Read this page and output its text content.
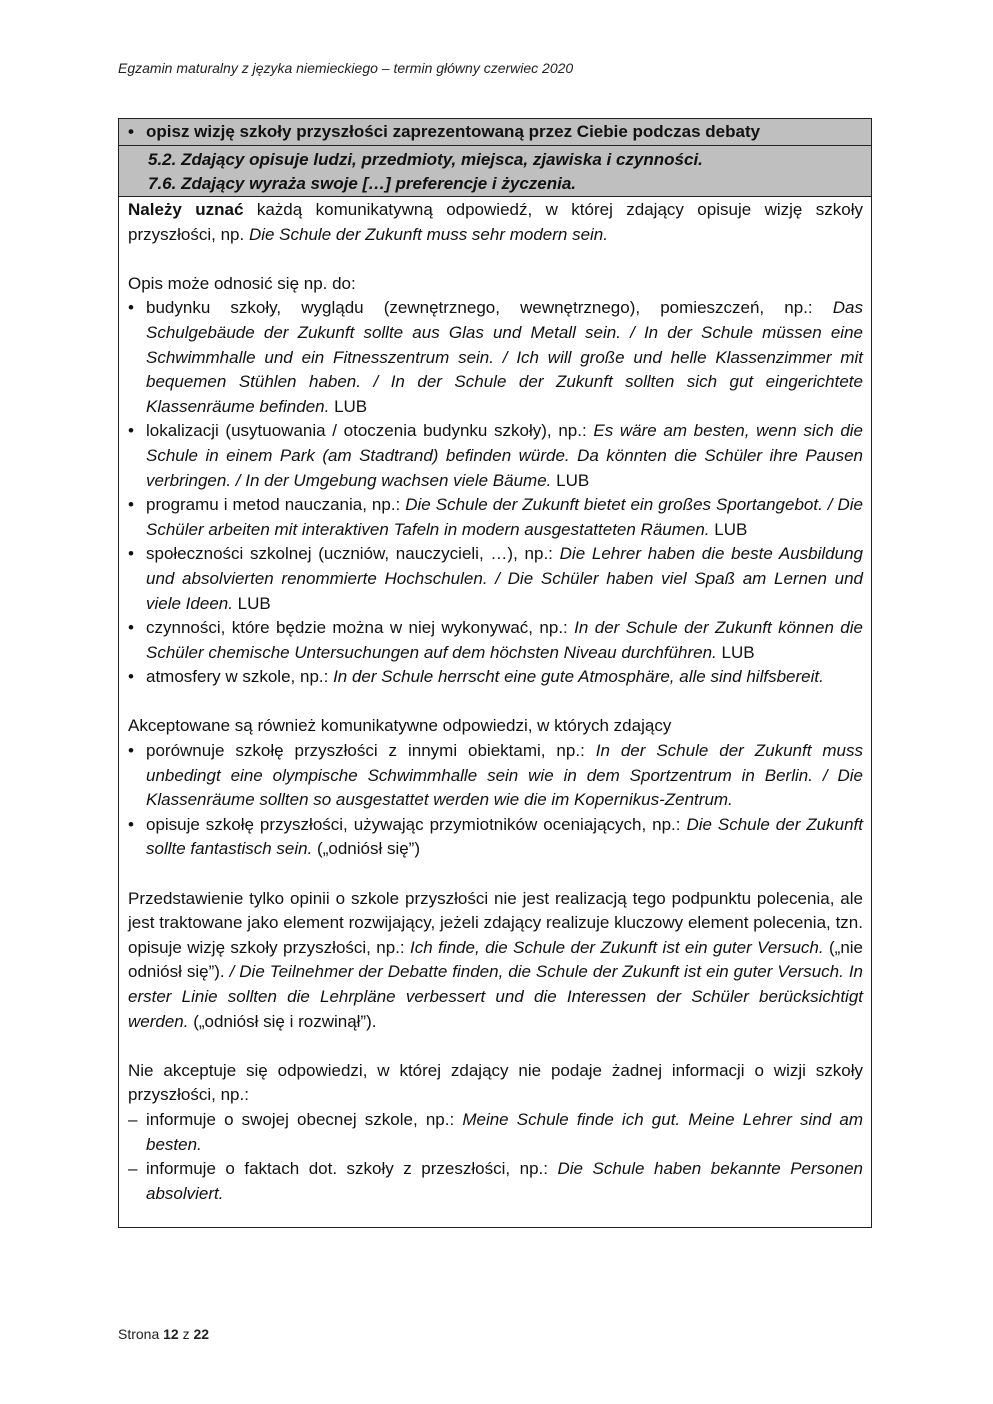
Egzamin maturalny z języka niemieckiego – termin główny czerwiec 2020
• opisz wizję szkoły przyszłości zaprezentowaną przez Ciebie podczas debaty
5.2. Zdający opisuje ludzi, przedmioty, miejsca, zjawiska i czynności.
7.6. Zdający wyraża swoje […] preferencje i życzenia.

Należy uznać każdą komunikatywną odpowiedź, w której zdający opisuje wizję szkoły przyszłości, np. Die Schule der Zukunft muss sehr modern sein.

Opis może odnosić się np. do:

• budynku szkoły, wyglądu (zewnętrznego, wewnętrznego), pomieszczeń, np.: Das Schulgebäude der Zukunft sollte aus Glas und Metall sein. / In der Schule müssen eine Schwimmhalle und ein Fitnesszentrum sein. / Ich will große und helle Klassenzimmer mit bequemen Stühlen haben. / In der Schule der Zukunft sollten sich gut eingerichtete Klassenräume befinden. LUB
• lokalizacji (usytuowania / otoczenia budynku szkoły), np.: Es wäre am besten, wenn sich die Schule in einem Park (am Stadtrand) befinden würde. Da könnten die Schüler ihre Pausen verbringen. / In der Umgebung wachsen viele Bäume. LUB
• programu i metod nauczania, np.: Die Schule der Zukunft bietet ein großes Sportangebot. / Die Schüler arbeiten mit interaktiven Tafeln in modern ausgestatteten Räumen. LUB
• społeczności szkolnej (uczniów, nauczycieli, …), np.: Die Lehrer haben die beste Ausbildung und absolvierten renommierte Hochschulen. / Die Schüler haben viel Spaß am Lernen und viele Ideen. LUB
• czynności, które będzie można w niej wykonywać, np.: In der Schule der Zukunft können die Schüler chemische Untersuchungen auf dem höchsten Niveau durchführen. LUB
• atmosfery w szkole, np.: In der Schule herrscht eine gute Atmosphäre, alle sind hilfsbereit.

Akceptowane są również komunikatywne odpowiedzi, w których zdający

• porównuje szkołę przyszłości z innymi obiektami, np.: In der Schule der Zukunft muss unbedingt eine olympische Schwimmhalle sein wie in dem Sportzentrum in Berlin. / Die Klassenräume sollten so ausgestattet werden wie die im Kopernikus-Zentrum.
• opisuje szkołę przyszłości, używając przymiotników oceniających, np.: Die Schule der Zukunft sollte fantastisch sein. („odniósł się”)

Przedstawienie tylko opinii o szkole przyszłości nie jest realizacją tego podpunktu polecenia, ale jest traktowane jako element rozwijający, jeżeli zdający realizuje kluczowy element polecenia, tzn. opisuje wizję szkoły przyszłości, np.: Ich finde, die Schule der Zukunft ist ein guter Versuch. („nie odniósł się”). / Die Teilnehmer der Debatte finden, die Schule der Zukunft ist ein guter Versuch. In erster Linie sollten die Lehrpläne verbessert und die Interessen der Schüler berücksichtigt werden. („odniósł się i rozwinął”).

Nie akceptuje się odpowiedzi, w której zdający nie podaje żadnej informacji o wizji szkoły przyszłości, np.:

– informuje o swojej obecnej szkole, np.: Meine Schule finde ich gut. Meine Lehrer sind am besten.
– informuje o faktach dot. szkoły z przeszłości, np.: Die Schule haben bekannte Personen absolviert.
Strona 12 z 22
